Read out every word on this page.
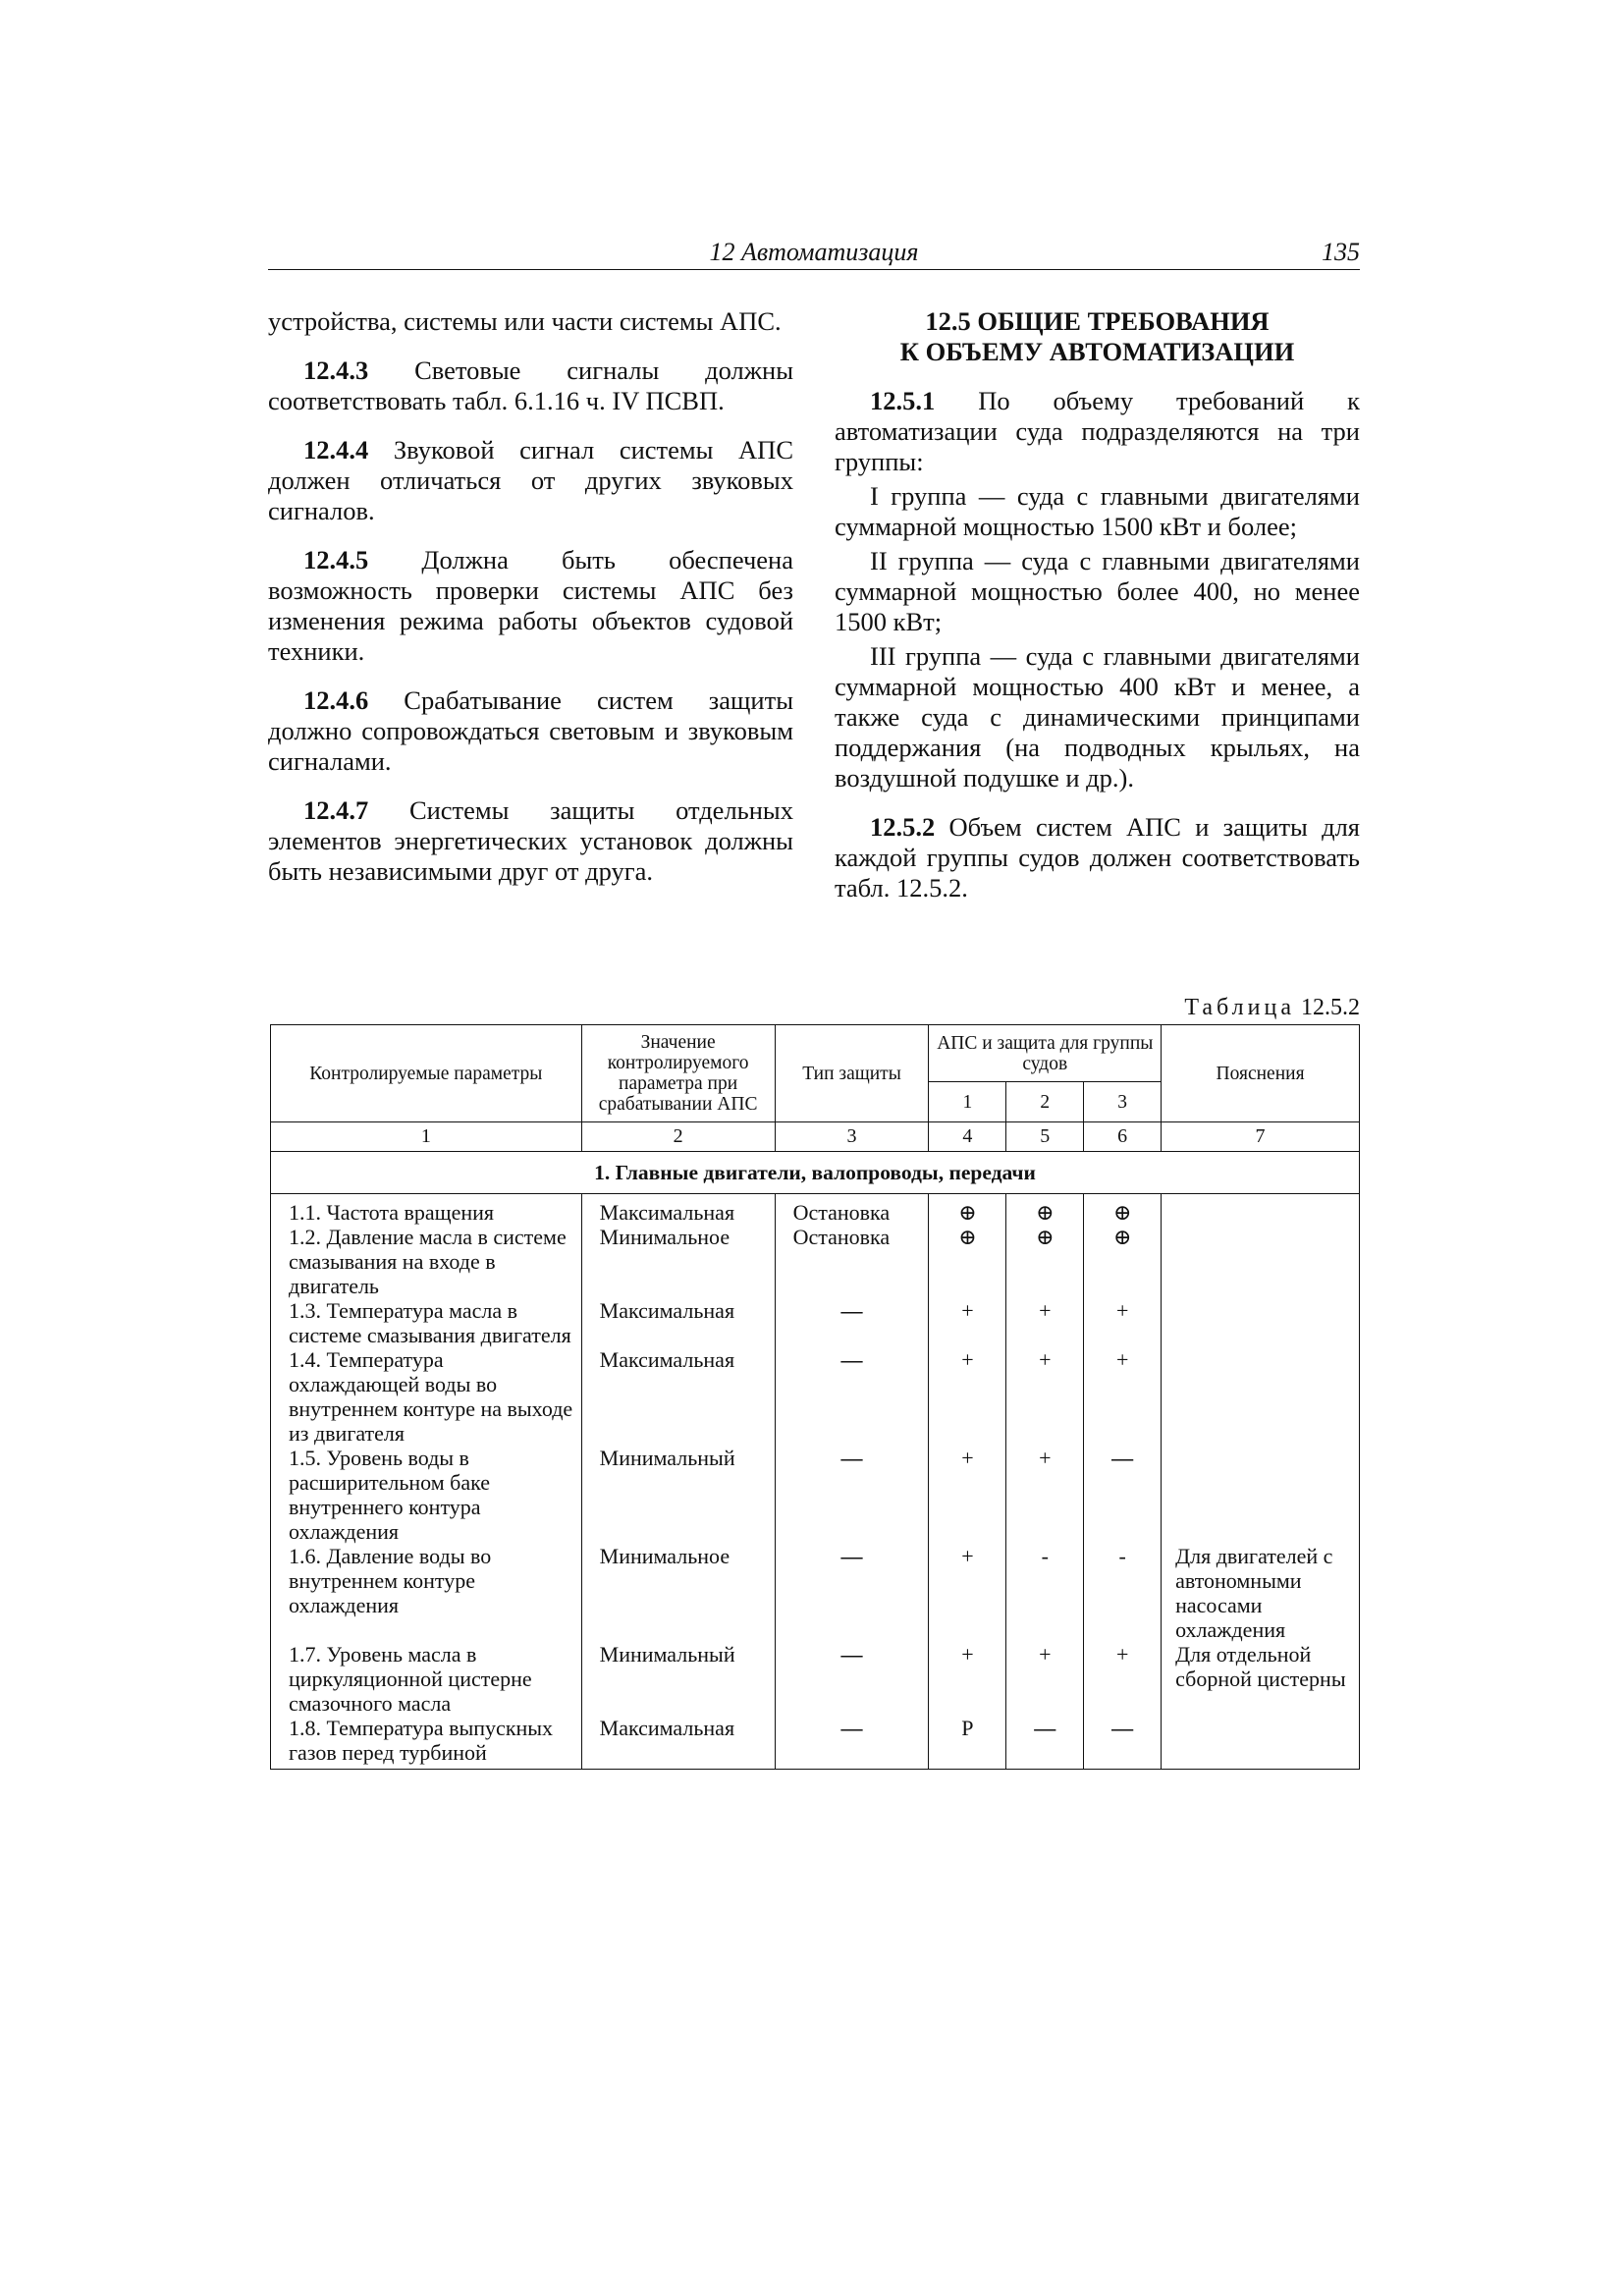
12 Автоматизация	135

устройства, системы или части системы АПС.

12.4.3 Световые сигналы должны соответствовать табл. 6.1.16 ч. IV ПСВП.

12.4.4 Звуковой сигнал системы АПС должен отличаться от других звуковых сигналов.

12.4.5 Должна быть обеспечена возможность проверки системы АПС без изменения режима работы объектов судовой техники.

12.4.6 Срабатывание систем защиты должно сопровождаться световым и звуковым сигналами.

12.4.7 Системы защиты отдельных элементов энергетических установок должны быть независимыми друг от друга.

12.5 ОБЩИЕ ТРЕБОВАНИЯ
К ОБЪЕМУ АВТОМАТИЗАЦИИ

12.5.1 По объему требований к автоматизации суда подразделяются на три группы:

I группа — суда с главными двигателями суммарной мощностью 1500 кВт и более;

II группа — суда с главными двигателями суммарной мощностью более 400, но менее 1500 кВт;

III группа — суда с главными двигателями суммарной мощностью 400 кВт и менее, а также суда с динамическими принципами поддержания (на подводных крыльях, на воздушной подушке и др.).

12.5.2 Объем систем АПС и защиты для каждой группы судов должен соответствовать табл. 12.5.2.

Таблица 12.5.2
Контролируемые параметры	Значение контролируемого параметра при срабатывании АПС	Тип защиты	АПС и защита для группы судов			Пояснения
			1	2	3	
1	2	3	4	5	6	7
1. Главные двигатели, валопроводы, передачи						
1.1. Частота вращения	Максимальная	Остановка	⊕	⊕	⊕	
1.2. Давление масла в системе смазывания на входе в двигатель	Минимальное	Остановка	⊕	⊕	⊕	
1.3. Температура масла в системе смазывания двигателя	Максимальная	—	+	+	+	
1.4. Температура охлаждающей воды во внутреннем контуре на выходе из двигателя	Максимальная	—	+	+	+	
1.5. Уровень воды в расширительном баке внутреннего контура охлаждения	Минимальный	—	+	+	—	
1.6. Давление воды во внутреннем контуре охлаждения	Минимальное	—	+	-	-	Для двигателей с автономными насосами охлаждения
1.7. Уровень масла в циркуляционной цистерне смазочного масла	Минимальный	—	+	+	+	Для отдельной сборной цистерны
1.8. Температура выпускных газов перед турбиной	Максимальная	—	Р	—	—	
